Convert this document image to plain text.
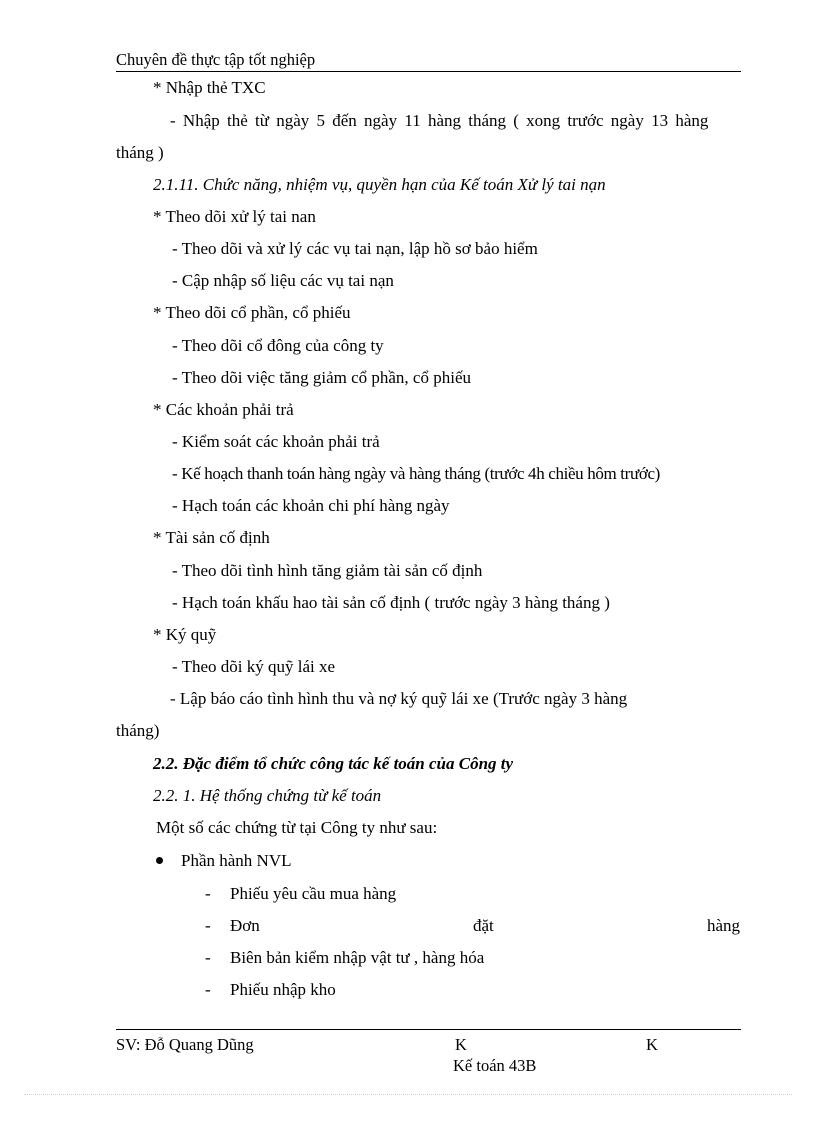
Chuyên đề thực tập tốt nghiệp
* Nhập thẻ TXC
- Nhập thẻ từ ngày 5 đến ngày 11 hàng tháng ( xong trước ngày 13 hàng
tháng )
2.1.11. Chức năng, nhiệm vụ, quyền hạn của Kế toán Xử lý tai nạn
* Theo dõi xử lý tai nan
- Theo dõi và xử lý các vụ tai nạn, lập hồ sơ bảo hiểm
- Cập nhập số liệu các vụ tai nạn
* Theo dõi cổ phần, cổ phiếu
- Theo dõi cổ đông của công ty
- Theo dõi việc tăng giảm cổ phần, cổ phiếu
* Các khoản phải trả
- Kiểm soát các khoản phải trả
- Kế hoạch thanh toán hàng ngày và hàng tháng (trước 4h chiều hôm trước)
- Hạch toán các khoản chi phí hàng ngày
* Tài sản cố định
- Theo dõi tình hình tăng giảm tài sản cố định
- Hạch toán khấu hao tài sản cố định ( trước ngày 3 hàng tháng )
* Ký quỹ
- Theo dõi ký quỹ lái xe
- Lập báo cáo tình hình thu và nợ ký quỹ lái xe (Trước ngày 3 hàng
tháng)
2.2. Đặc điểm tổ chức công tác kế toán của Công ty
2.2. 1. Hệ thống chứng từ kế toán
Một số các chứng từ tại Công ty như sau:
Phần hành NVL
- Phiếu yêu cầu mua hàng
- Đơn	đặt	hàng
- Biên bản kiểm nhập vật tư , hàng hóa
- Phiếu nhập kho
SV: Đỗ Quang Dũng	K	K
Kế toán 43B
